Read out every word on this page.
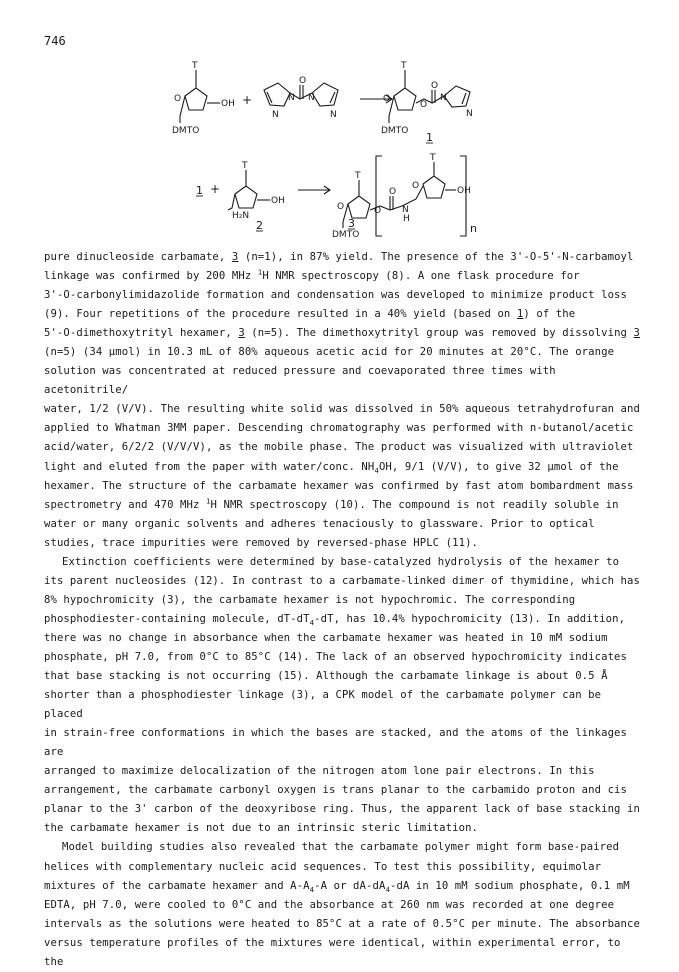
746
T
O	OH
DMTO
+
N
N N
N
O
T
O
DMTO
O
O
N
N
1
1 +
T
OH
H₂N
2
T
O
DMTO
O
O
N
H
T
O	OH
n
3
pure dinucleoside carbamate, 3 (n=1), in 87% yield. The presence of the 3'-O-5'-N-carbamoyl
linkage was confirmed by 200 MHz $^1$H NMR spectroscopy (8). A one flask procedure for
3'-O-carbonylimidazolide formation and condensation was developed to minimize product loss
(9). Four repetitions of the procedure resulted in a 40% yield (based on 1) of the
5'-O-dimethoxytrityl hexamer, 3 (n=5). The dimethoxytrityl group was removed by dissolving 3
(n=5) (34 μmol) in 10.3 mL of 80% aqueous acetic acid for 20 minutes at 20°C. The orange
solution was concentrated at reduced pressure and coevaporated three times with acetonitrile/
water, 1/2 (V/V). The resulting white solid was dissolved in 50% aqueous tetrahydrofuran and
applied to Whatman 3MM paper. Descending chromatography was performed with n-butanol/acetic
acid/water, 6/2/2 (V/V/V), as the mobile phase. The product was visualized with ultraviolet
light and eluted from the paper with water/conc. $NH_4OH$, 9/1 (V/V), to give 32 μmol of the
hexamer. The structure of the carbamate hexamer was confirmed by fast atom bombardment mass
spectrometry and 470 MHz $^1$H NMR spectroscopy (10). The compound is not readily soluble in
water or many organic solvents and adheres tenaciously to glassware. Prior to optical
studies, trace impurities were removed by reversed-phase HPLC (11).
Extinction coefficients were determined by base-catalyzed hydrolysis of the hexamer to
its parent nucleosides (12). In contrast to a carbamate-linked dimer of thymidine, which has
8% hypochromicity (3), the carbamate hexamer is not hypochromic. The corresponding
phosphodiester-containing molecule, $dT-dT_4-dT$, has 10.4% hypochromicity (13). In addition,
there was no change in absorbance when the carbamate hexamer was heated in 10 mM sodium
phosphate, pH 7.0, from 0°C to 85°C (14). The lack of an observed hypochromicity indicates
that base stacking is not occurring (15). Although the carbamate linkage is about 0.5 Å
shorter than a phosphodiester linkage (3), a CPK model of the carbamate polymer can be placed
in strain-free conformations in which the bases are stacked, and the atoms of the linkages are
arranged to maximize delocalization of the nitrogen atom lone pair electrons. In this
arrangement, the carbamate carbonyl oxygen is trans planar to the carbamido proton and cis
planar to the 3' carbon of the deoxyribose ring. Thus, the apparent lack of base stacking in
the carbamate hexamer is not due to an intrinsic steric limitation.
Model building studies also revealed that the carbamate polymer might form base-paired
helices with complementary nucleic acid sequences. To test this possibility, equimolar
mixtures of the carbamate hexamer and $A-A_4-A$ or $dA-dA_4-dA$ in 10 mM sodium phosphate, 0.1 mM
EDTA, pH 7.0, were cooled to 0°C and the absorbance at 260 nm was recorded at one degree
intervals as the solutions were heated to 85°C at a rate of 0.5°C per minute. The absorbance
versus temperature profiles of the mixtures were identical, within experimental error, to the
